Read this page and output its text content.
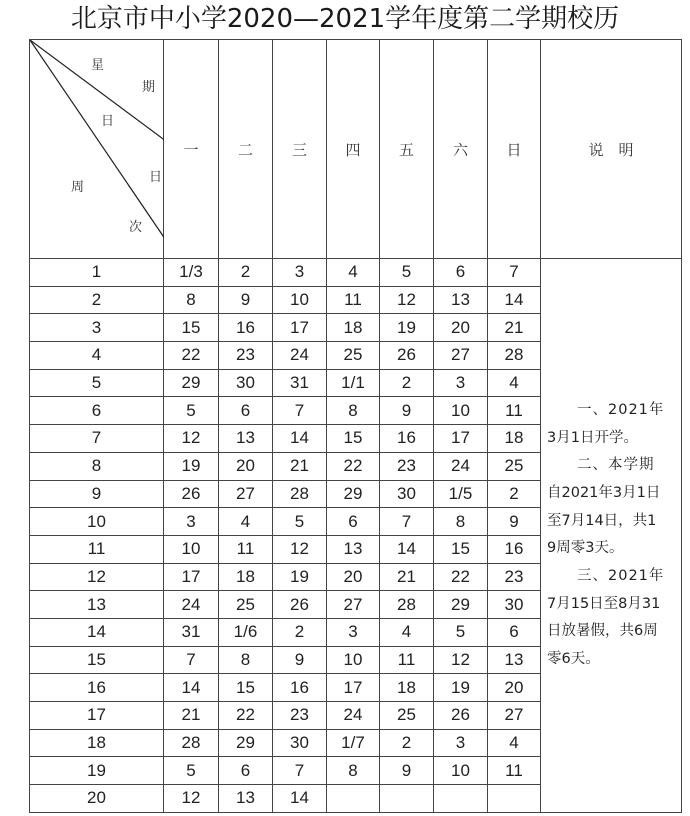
北京市中小学2020—2021学年度第二学期校历
星
期
日
周
日
次
	一	二	三	四	五	六	日	说　明
1	1/3	2	3	4	5	6	7	

一、2021年

3月1日开学。

二、本学期

自2021年3月1日

至7月14日，共1

9周零3天。

三、2021年

7月15日至8月31

日放暑假，共6周

零6天。

2	8	9	10	11	12	13	14	
3	15	16	17	18	19	20	21	
4	22	23	24	25	26	27	28	
5	29	30	31	1/1	2	3	4	
6	5	6	7	8	9	10	11	
7	12	13	14	15	16	17	18	
8	19	20	21	22	23	24	25	
9	26	27	28	29	30	1/5	2	
10	3	4	5	6	7	8	9	
11	10	11	12	13	14	15	16	
12	17	18	19	20	21	22	23	
13	24	25	26	27	28	29	30	
14	31	1/6	2	3	4	5	6	
15	7	8	9	10	11	12	13	
16	14	15	16	17	18	19	20	
17	21	22	23	24	25	26	27	
18	28	29	30	1/7	2	3	4	
19	5	6	7	8	9	10	11	
20	12	13	14					
